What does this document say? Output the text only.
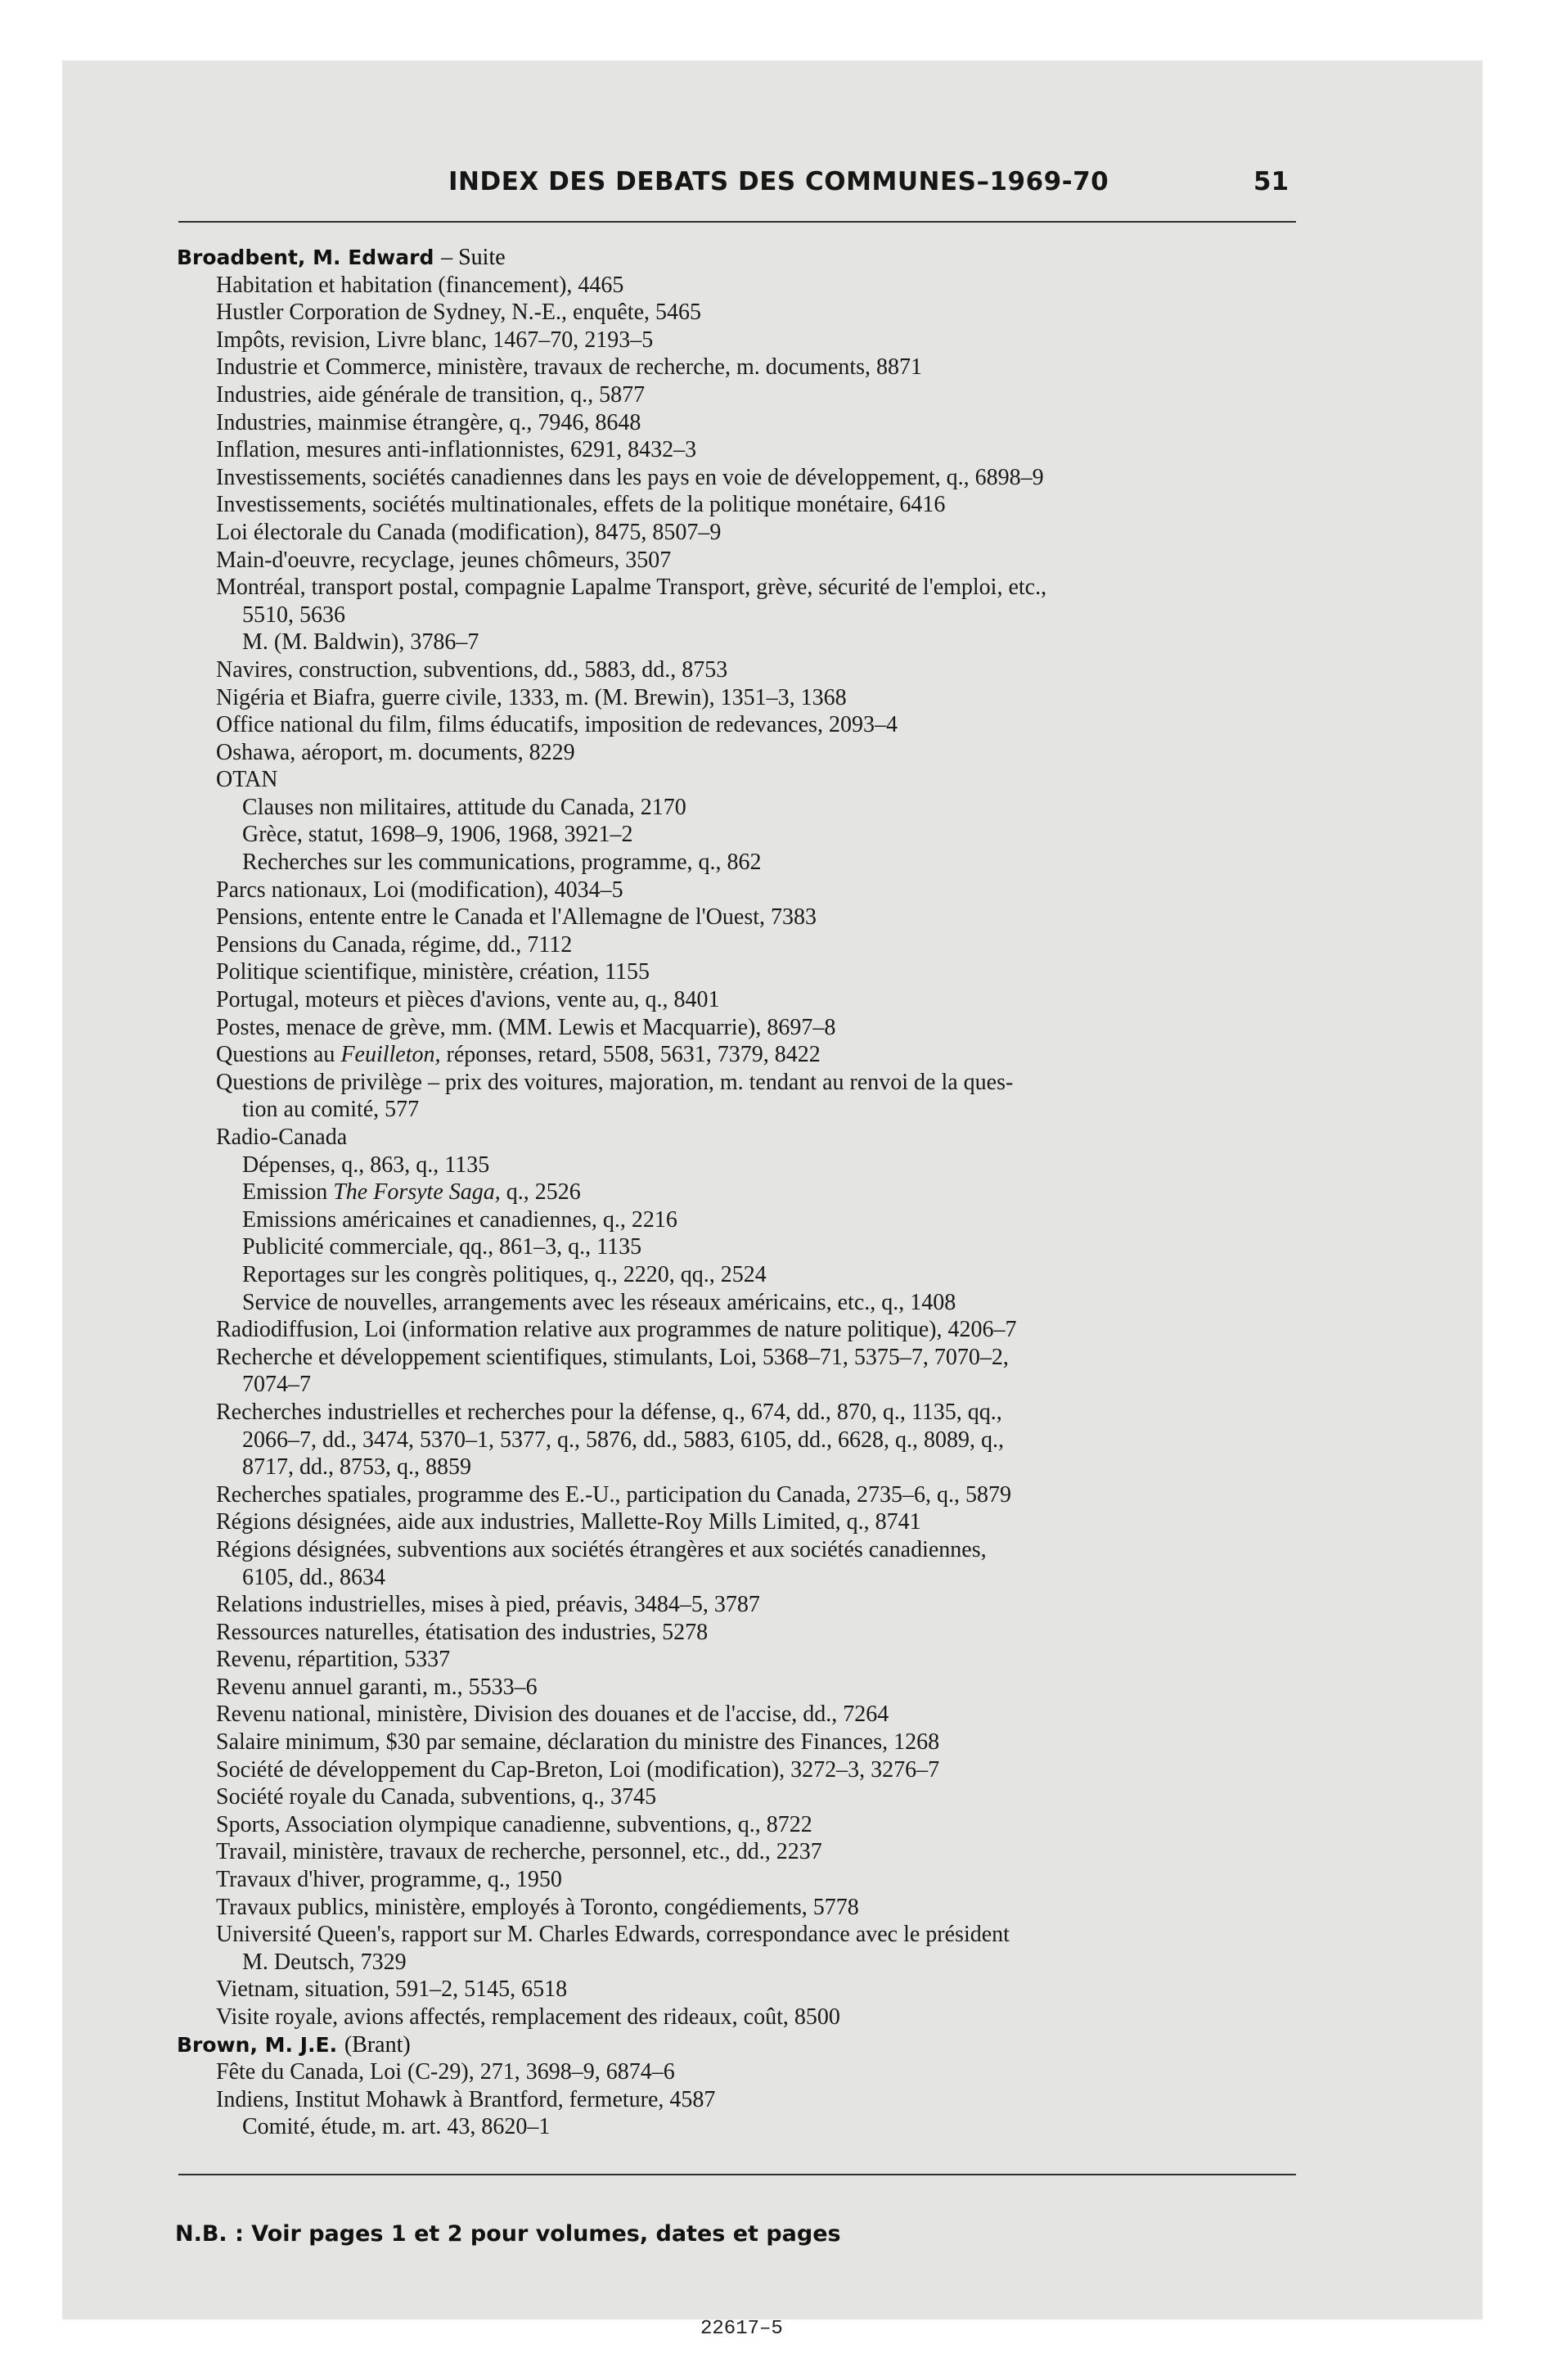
INDEX DES DEBATS DES COMMUNES–1969-70	51
Broadbent, M. Edward – Suite
Habitation et habitation (financement), 4465
Hustler Corporation de Sydney, N.-E., enquête, 5465
Impôts, revision, Livre blanc, 1467–70, 2193–5
Industrie et Commerce, ministère, travaux de recherche, m. documents, 8871
Industries, aide générale de transition, q., 5877
Industries, mainmise étrangère, q., 7946, 8648
Inflation, mesures anti-inflationnistes, 6291, 8432–3
Investissements, sociétés canadiennes dans les pays en voie de développement, q., 6898–9
Investissements, sociétés multinationales, effets de la politique monétaire, 6416
Loi électorale du Canada (modification), 8475, 8507–9
Main-d'oeuvre, recyclage, jeunes chômeurs, 3507
Montréal, transport postal, compagnie Lapalme Transport, grève, sécurité de l'emploi, etc.,
5510, 5636
M. (M. Baldwin), 3786–7
Navires, construction, subventions, dd., 5883, dd., 8753
Nigéria et Biafra, guerre civile, 1333, m. (M. Brewin), 1351–3, 1368
Office national du film, films éducatifs, imposition de redevances, 2093–4
Oshawa, aéroport, m. documents, 8229
OTAN
Clauses non militaires, attitude du Canada, 2170
Grèce, statut, 1698–9, 1906, 1968, 3921–2
Recherches sur les communications, programme, q., 862
Parcs nationaux, Loi (modification), 4034–5
Pensions, entente entre le Canada et l'Allemagne de l'Ouest, 7383
Pensions du Canada, régime, dd., 7112
Politique scientifique, ministère, création, 1155
Portugal, moteurs et pièces d'avions, vente au, q., 8401
Postes, menace de grève, mm. (MM. Lewis et Macquarrie), 8697–8
Questions au Feuilleton, réponses, retard, 5508, 5631, 7379, 8422
Questions de privilège – prix des voitures, majoration, m. tendant au renvoi de la ques-
tion au comité, 577
Radio-Canada
Dépenses, q., 863, q., 1135
Emission The Forsyte Saga, q., 2526
Emissions américaines et canadiennes, q., 2216
Publicité commerciale, qq., 861–3, q., 1135
Reportages sur les congrès politiques, q., 2220, qq., 2524
Service de nouvelles, arrangements avec les réseaux américains, etc., q., 1408
Radiodiffusion, Loi (information relative aux programmes de nature politique), 4206–7
Recherche et développement scientifiques, stimulants, Loi, 5368–71, 5375–7, 7070–2,
7074–7
Recherches industrielles et recherches pour la défense, q., 674, dd., 870, q., 1135, qq.,
2066–7, dd., 3474, 5370–1, 5377, q., 5876, dd., 5883, 6105, dd., 6628, q., 8089, q.,
8717, dd., 8753, q., 8859
Recherches spatiales, programme des E.-U., participation du Canada, 2735–6, q., 5879
Régions désignées, aide aux industries, Mallette-Roy Mills Limited, q., 8741
Régions désignées, subventions aux sociétés étrangères et aux sociétés canadiennes,
6105, dd., 8634
Relations industrielles, mises à pied, préavis, 3484–5, 3787
Ressources naturelles, étatisation des industries, 5278
Revenu, répartition, 5337
Revenu annuel garanti, m., 5533–6
Revenu national, ministère, Division des douanes et de l'accise, dd., 7264
Salaire minimum, $30 par semaine, déclaration du ministre des Finances, 1268
Société de développement du Cap-Breton, Loi (modification), 3272–3, 3276–7
Société royale du Canada, subventions, q., 3745
Sports, Association olympique canadienne, subventions, q., 8722
Travail, ministère, travaux de recherche, personnel, etc., dd., 2237
Travaux d'hiver, programme, q., 1950
Travaux publics, ministère, employés à Toronto, congédiements, 5778
Université Queen's, rapport sur M. Charles Edwards, correspondance avec le président
M. Deutsch, 7329
Vietnam, situation, 591–2, 5145, 6518
Visite royale, avions affectés, remplacement des rideaux, coût, 8500
Brown, M. J.E. (Brant)
Fête du Canada, Loi (C-29), 271, 3698–9, 6874–6
Indiens, Institut Mohawk à Brantford, fermeture, 4587
Comité, étude, m. art. 43, 8620–1
N.B. : Voir pages 1 et 2 pour volumes, dates et pages
22617–5
